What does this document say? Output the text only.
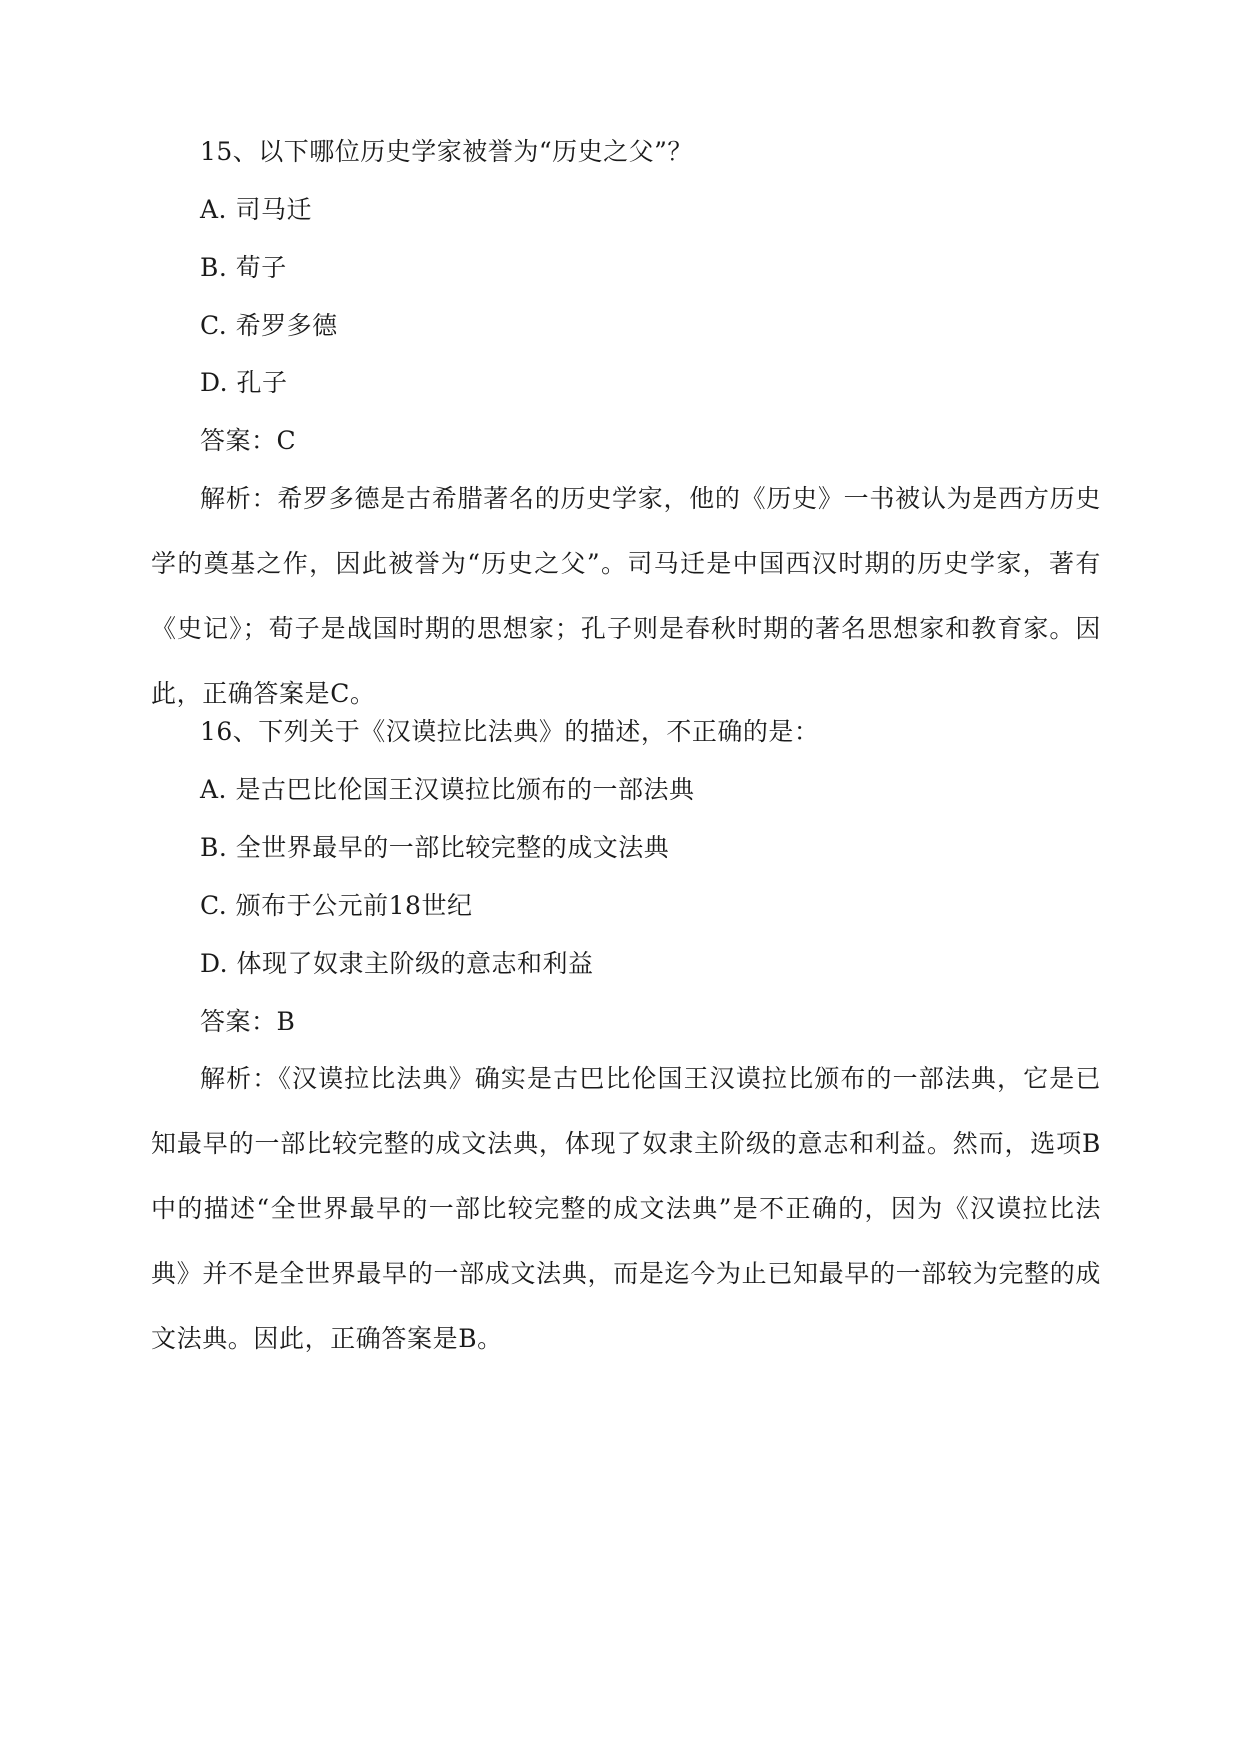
15、以下哪位历史学家被誉为“历史之父”？
A. 司马迁
B. 荀子
C. 希罗多德
D. 孔子
答案：C
解析：希罗多德是古希腊著名的历史学家，他的《历史》一书被认为是西方历史学的奠基之作，因此被誉为“历史之父”。司马迁是中国西汉时期的历史学家，著有《史记》；荀子是战国时期的思想家；孔子则是春秋时期的著名思想家和教育家。因此，正确答案是C。
16、下列关于《汉谟拉比法典》的描述，不正确的是：
A. 是古巴比伦国王汉谟拉比颁布的一部法典
B. 全世界最早的一部比较完整的成文法典
C. 颁布于公元前18世纪
D. 体现了奴隶主阶级的意志和利益
答案：B
解析：《汉谟拉比法典》确实是古巴比伦国王汉谟拉比颁布的一部法典，它是已知最早的一部比较完整的成文法典，体现了奴隶主阶级的意志和利益。然而，选项B中的描述“全世界最早的一部比较完整的成文法典”是不正确的，因为《汉谟拉比法典》并不是全世界最早的一部成文法典，而是迄今为止已知最早的一部较为完整的成文法典。因此，正确答案是B。
